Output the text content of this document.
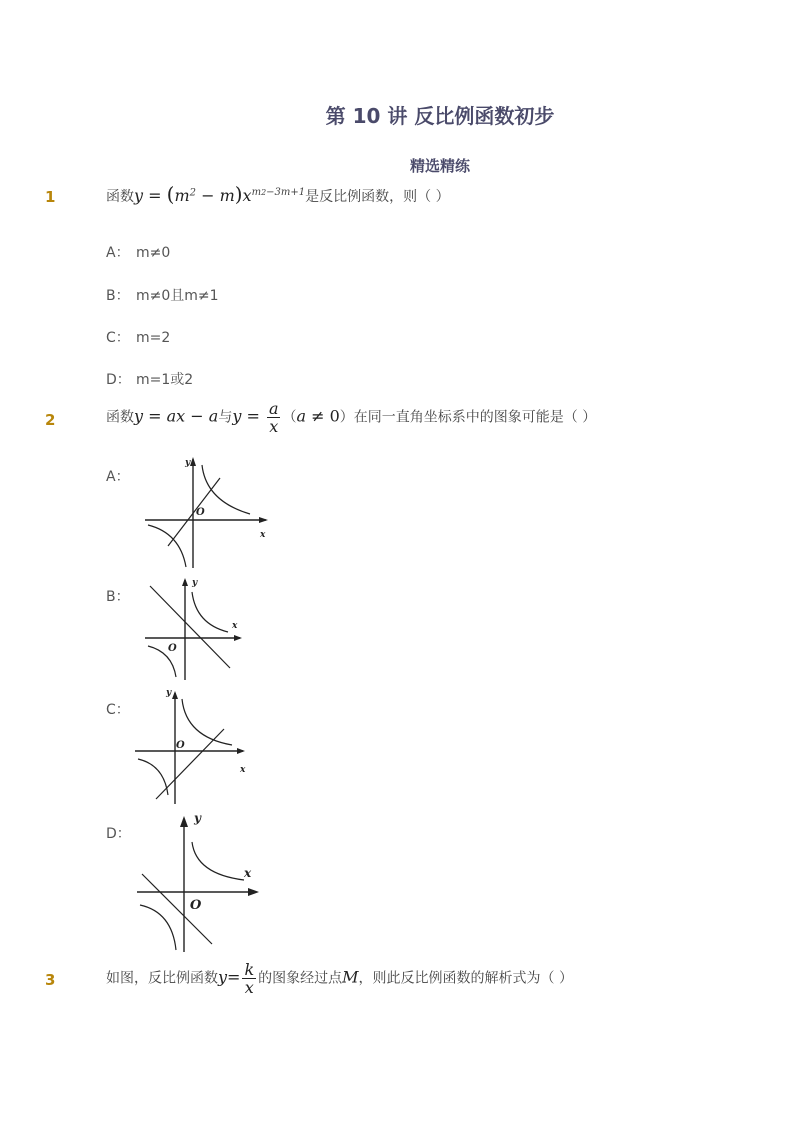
第 10 讲 反比例函数初步
精选精练
1	函数$y = (m^2 - m)x^{m2-3m+1}$是反比例函数，则（ ）
A： m≠0
B： m≠0且m≠1
C： m=2
D： m=1或2
2	函数y = ax − a与$y = \frac{a}{x} (a \ne 0)$在同一直角坐标系中的图象可能是（ ）
A：
y
O
x
B：
y
O
x
C：
y
O
x
D：
y
O
x
3	如图，反比例函数$y= \frac{k}{x}$ 的图象经过点M，则此反比例函数的解析式为（ ）
